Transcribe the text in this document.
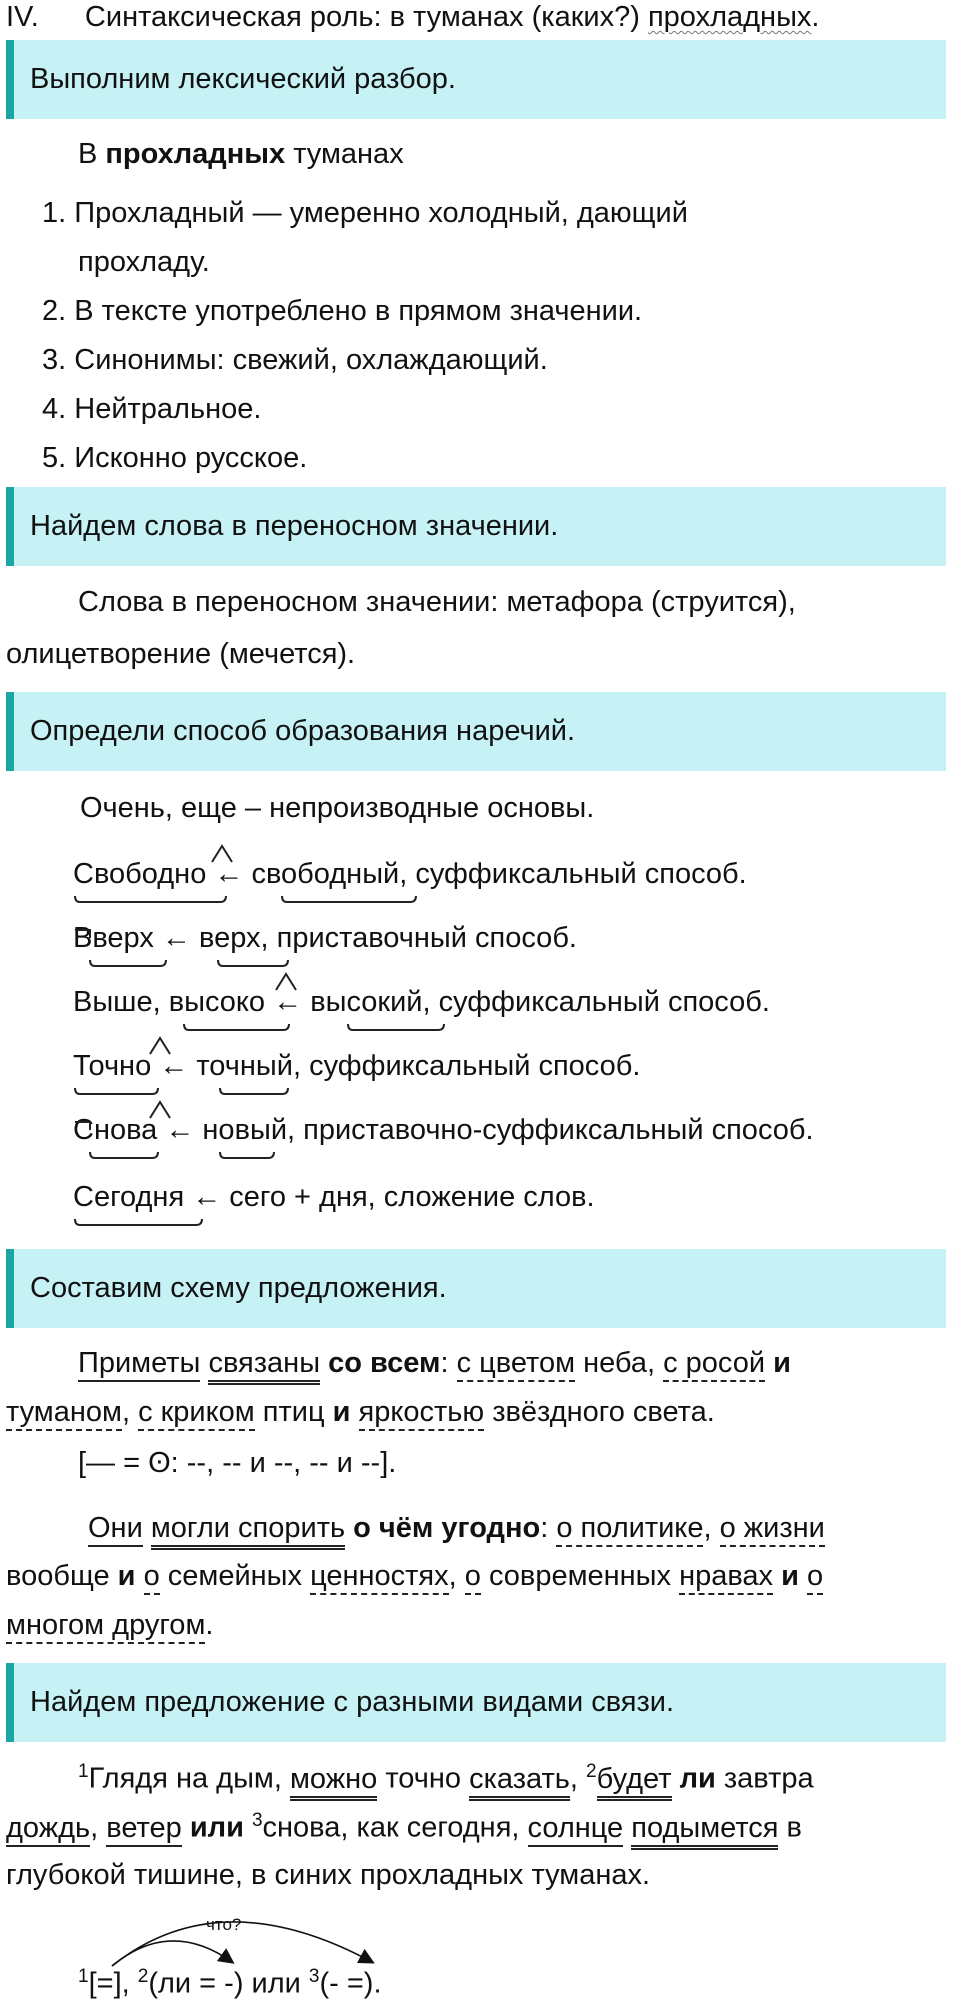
IV. Синтаксическая роль: в туманах (каких?) прохладных.
Выполним лексический разбор.
В прохладных туманах
1. Прохладный — умеренно холодный, дающий
прохладу.
2. В тексте употреблено в прямом значении.
3. Синонимы: свежий, охлаждающий.
4. Нейтральное.
5. Исконно русское.
Найдем слова в переносном значении.
Слова в переносном значении: метафора (струится),
олицетворение (мечется).
Определи способ образования наречий.
Очень, еще – непроизводные основы.
Свободно ← свободный, суффиксальный способ.
Вверх ← верх, приставочный способ.
Выше, высоко ← высокий, суффиксальный способ.
Точно ← точный, суффиксальный способ.
Снова ← новый, приставочно-суффиксальный способ.
Сегодня ← сего + дня, сложение слов.
Составим схему предложения.
Приметы связаны со всем: с цветом неба, с росой и
туманом, с криком птиц и яркостью звёздного света.
[— = ʘ: --, -- и --, -- и --].
Они могли спорить о чём угодно: о политике, о жизни
вообще и о семейных ценностях, о современных нравах и о
многом другом.
Найдем предложение с разными видами связи.
$^1$Глядя на дым, можно точно сказать, $^2$будет ли завтра
дождь, ветер или $^3$снова, как сегодня, солнце подымется в
глубокой тишине, в синих прохладных туманах.
$^1$[=], $^2$(ли = -) или $^3$(- =).
что?
